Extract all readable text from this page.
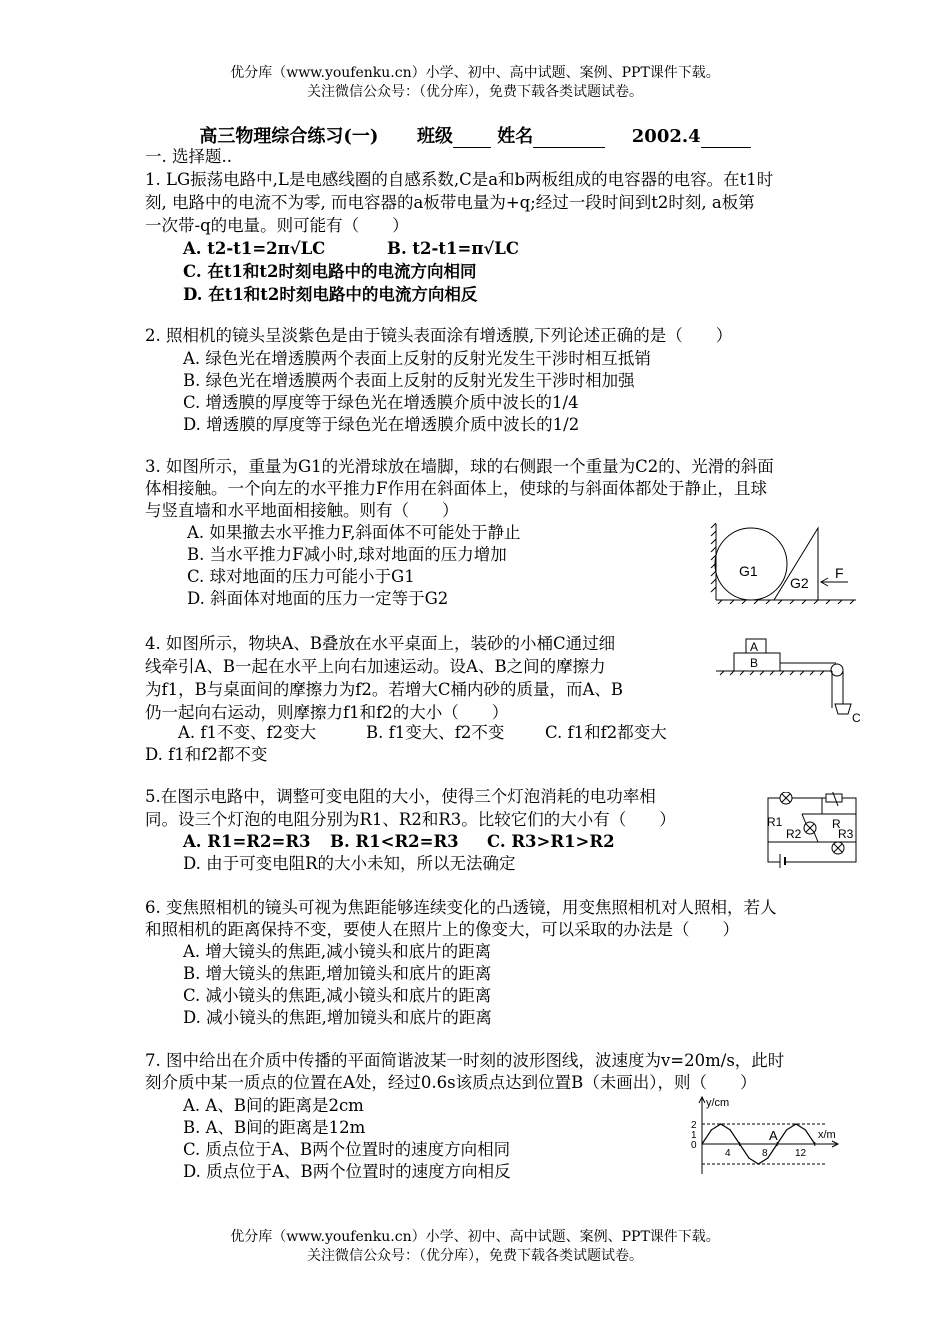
优分库（www.youfenku.cn）小学、初中、高中试题、案例、PPT课件下载。
关注微信公众号：（优分库），免费下载各类试题试卷。
高三物理综合练习(一) 班级 姓名	2002.4
一. 选择题..
1. LG振荡电路中,L是电感线圈的自感系数,C是a和b两板组成的电容器的电容。在t1时
刻, 电路中的电流不为零, 而电容器的a板带电量为+q;经过一段时间到t2时刻, a板第
一次带-q的电量。则可能有（　　）
A. t2-t1=2π√LC	B. t2-t1=π√LC
C. 在t1和t2时刻电路中的电流方向相同
D. 在t1和t2时刻电路中的电流方向相反
2. 照相机的镜头呈淡紫色是由于镜头表面涂有增透膜,下列论述正确的是（　　）
A. 绿色光在增透膜两个表面上反射的反射光发生干涉时相互抵销
B. 绿色光在增透膜两个表面上反射的反射光发生干涉时相加强
C. 增透膜的厚度等于绿色光在增透膜介质中波长的1/4
D. 增透膜的厚度等于绿色光在增透膜介质中波长的1/2
3. 如图所示，重量为G1的光滑球放在墙脚，球的右侧跟一个重量为C2的、光滑的斜面
体相接触。一个向左的水平推力F作用在斜面体上，使球的与斜面体都处于静止，且球
与竖直墙和水平地面相接触。则有（　　）
A. 如果撤去水平推力F,斜面体不可能处于静止
B. 当水平推力F减小时,球对地面的压力增加
C. 球对地面的压力可能小于G1
D. 斜面体对地面的压力一定等于G2
G1
G2
F
4. 如图所示，物块A、B叠放在水平桌面上，装砂的小桶C通过细
线牵引A、B一起在水平上向右加速运动。设A、B之间的摩擦力
为f1，B与桌面间的摩擦力为f2。若增大C桶内砂的质量，而A、B
仍一起向右运动，则摩擦力f1和f2的大小（　　）
A. f1不变、f2变大	B. f1变大、f2不变 C. f1和f2都变大
D. f1和f2都不变
A
B
C
5.在图示电路中，调整可变电阻的大小，使得三个灯泡消耗的电功率相
同。设三个灯泡的电阻分别为R1、R2和R3。比较它们的大小有（　　）
A. R1=R2=R3 B. R1<R2=R3 C. R3>R1>R2
D. 由于可变电阻R的大小未知，所以无法确定
R
R1
R2	R3
6. 变焦照相机的镜头可视为焦距能够连续变化的凸透镜，用变焦照相机对人照相，若人
和照相机的距离保持不变，要使人在照片上的像变大，可以采取的办法是（　　）
A. 增大镜头的焦距,减小镜头和底片的距离
B. 增大镜头的焦距,增加镜头和底片的距离
C. 减小镜头的焦距,减小镜头和底片的距离
D. 减小镜头的焦距,增加镜头和底片的距离
7. 图中给出在介质中传播的平面简谐波某一时刻的波形图线，波速度为v=20m/s，此时
刻介质中某一质点的位置在A处，经过0.6s该质点达到位置B（未画出），则（　　）
A. A、B间的距离是2cm
B. A、B间的距离是12m
C. 质点位于A、B两个位置时的速度方向相同
D. 质点位于A、B两个位置时的速度方向相反
y/cm
x/m
2
1
0
4	8	12
A
优分库（www.youfenku.cn）小学、初中、高中试题、案例、PPT课件下载。
关注微信公众号：（优分库），免费下载各类试题试卷。
